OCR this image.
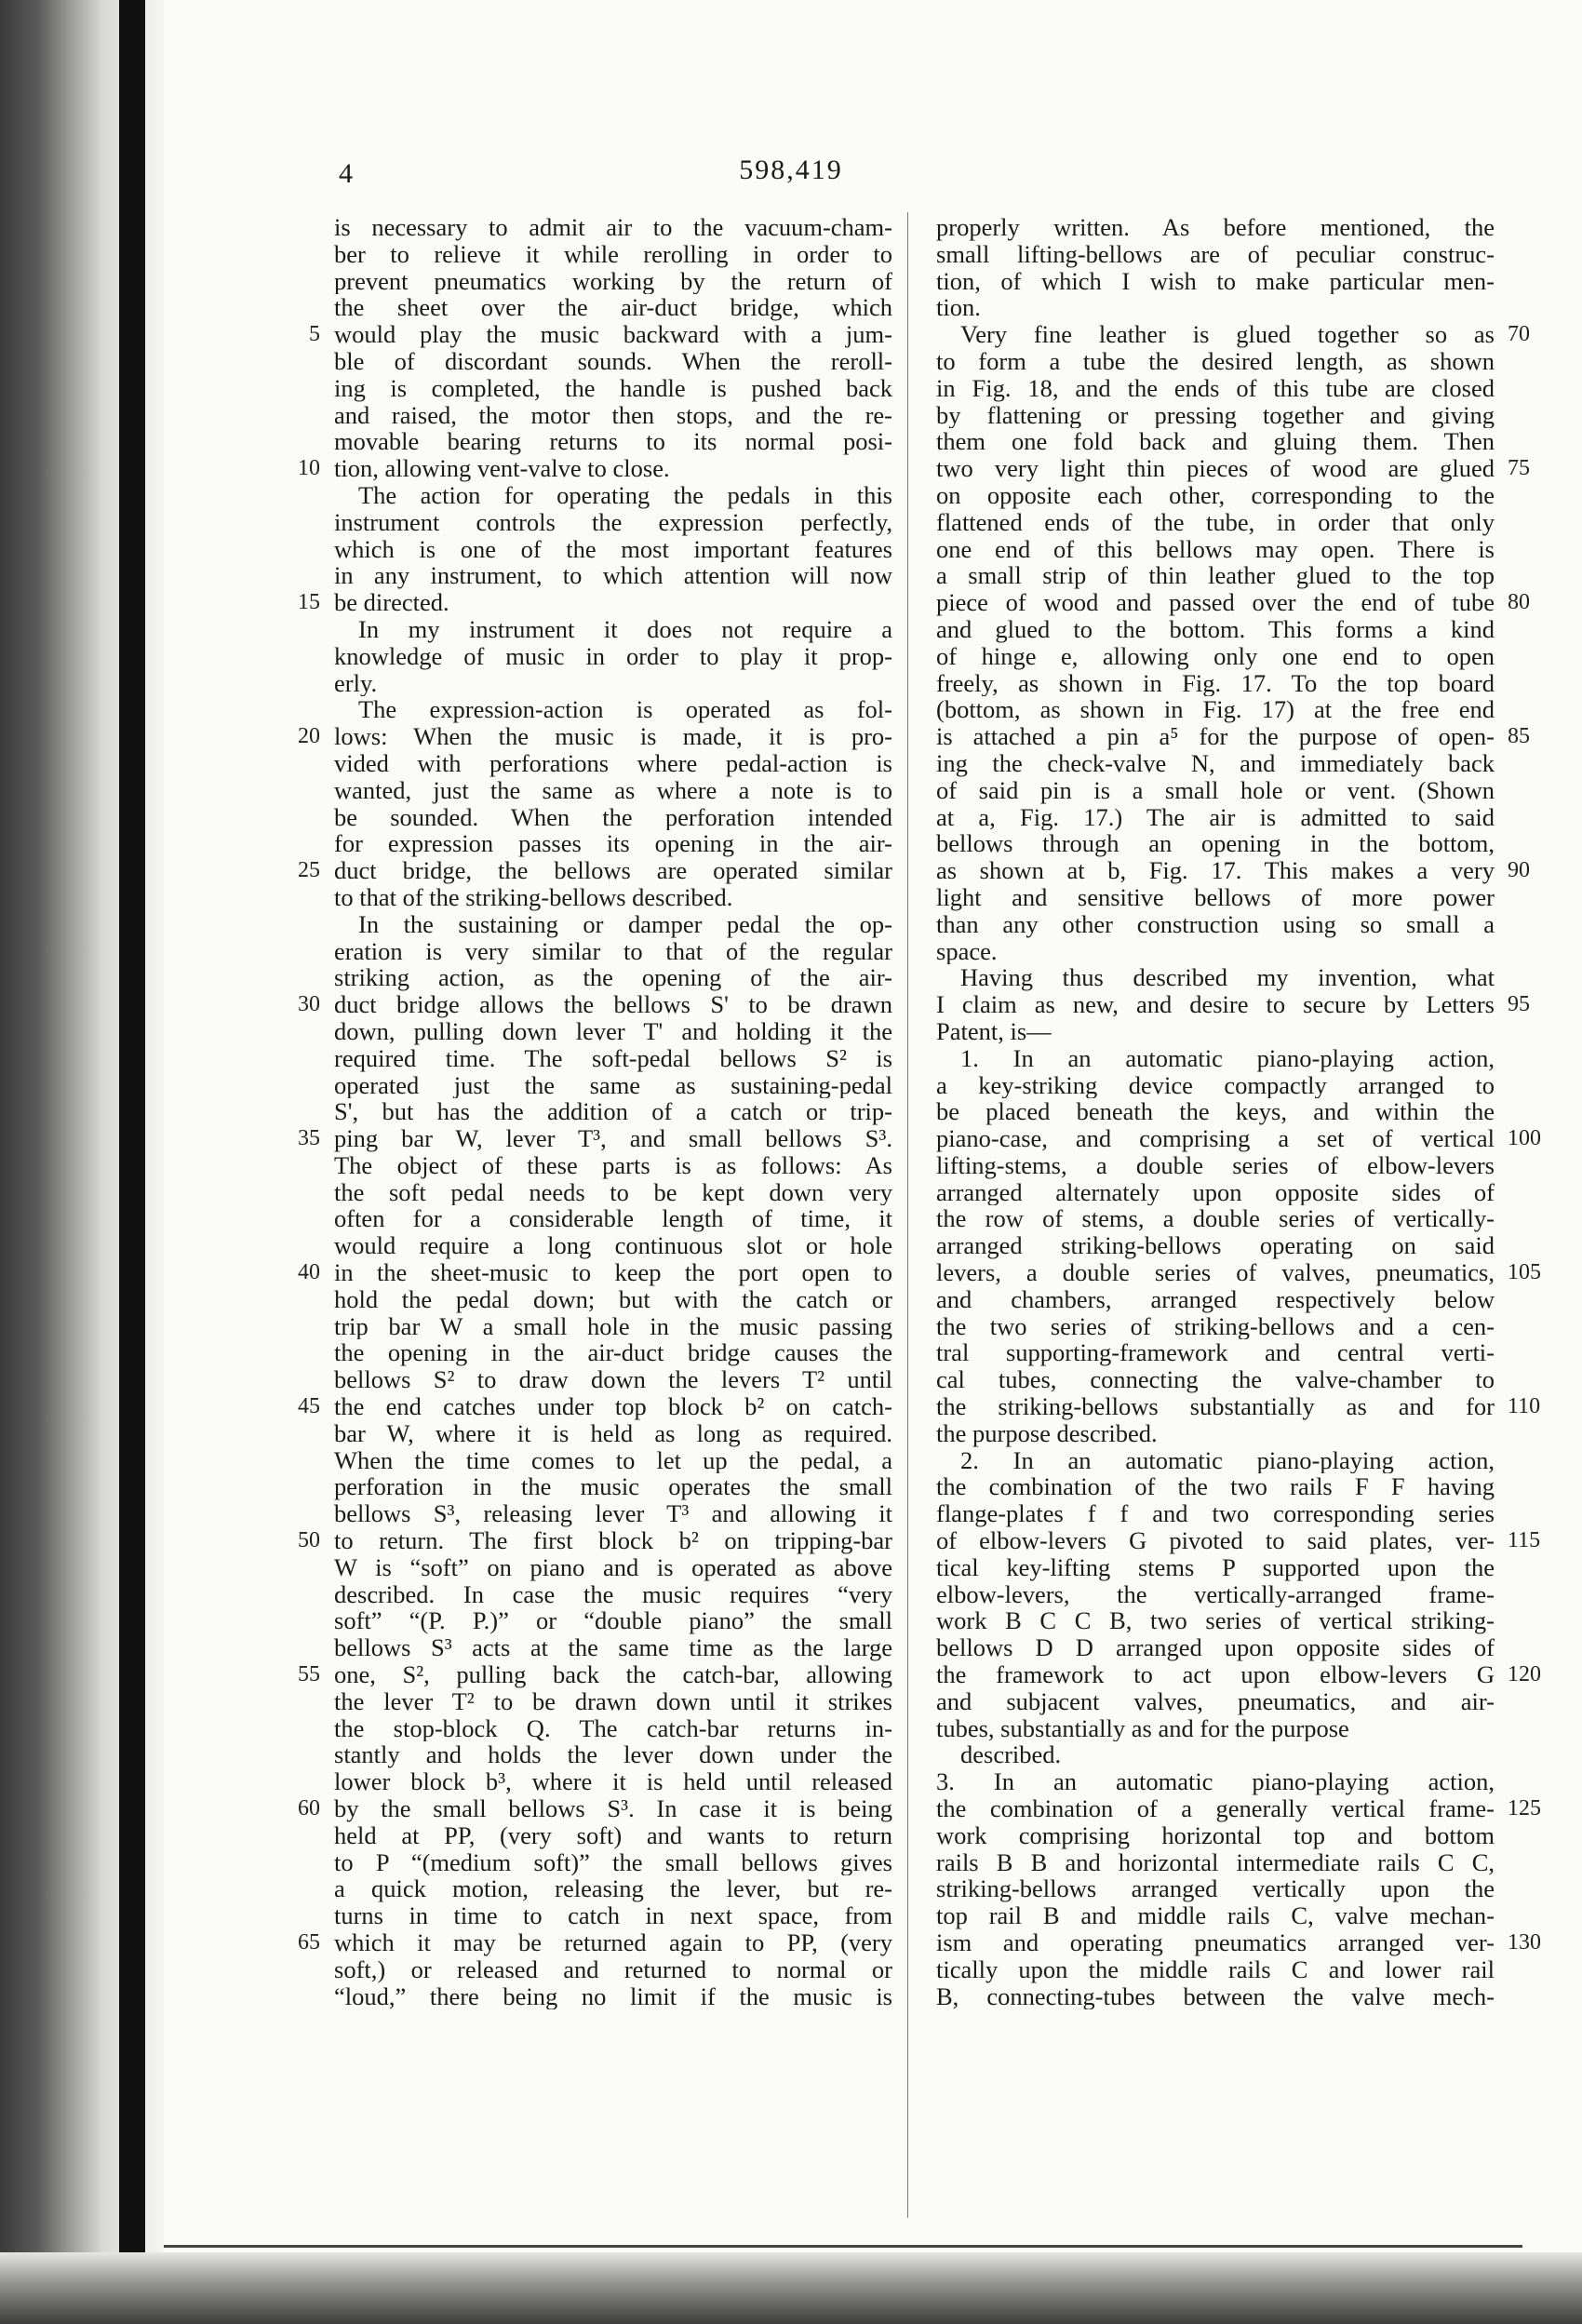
4	598,419
is necessary to admit air to the vacuum-cham-
ber to relieve it while rerolling in order to
prevent pneumatics working by the return of
the sheet over the air-duct bridge, which
would play the music backward with a jum-
ble of discordant sounds. When the reroll-
ing is completed, the handle is pushed back
and raised, the motor then stops, and the re-
movable bearing returns to its normal posi-
tion, allowing vent-valve to close.
The action for operating the pedals in this
instrument controls the expression perfectly,
which is one of the most important features
in any instrument, to which attention will now
be directed.
In my instrument it does not require a
knowledge of music in order to play it prop-
erly.
The expression-action is operated as fol-
lows: When the music is made, it is pro-
vided with perforations where pedal-action is
wanted, just the same as where a note is to
be sounded. When the perforation intended
for expression passes its opening in the air-
duct bridge, the bellows are operated similar
to that of the striking-bellows described.
In the sustaining or damper pedal the op-
eration is very similar to that of the regular
striking action, as the opening of the air-
duct bridge allows the bellows S' to be drawn
down, pulling down lever T' and holding it the
required time. The soft-pedal bellows S² is
operated just the same as sustaining-pedal
S', but has the addition of a catch or trip-
ping bar W, lever T³, and small bellows S³.
The object of these parts is as follows: As
the soft pedal needs to be kept down very
often for a considerable length of time, it
would require a long continuous slot or hole
in the sheet-music to keep the port open to
hold the pedal down; but with the catch or
trip bar W a small hole in the music passing
the opening in the air-duct bridge causes the
bellows S² to draw down the levers T² until
the end catches under top block b² on catch-
bar W, where it is held as long as required.
When the time comes to let up the pedal, a
perforation in the music operates the small
bellows S³, releasing lever T³ and allowing it
to return. The first block b² on tripping-bar
W is “soft” on piano and is operated as above
described. In case the music requires “very
soft” “(P. P.)” or “double piano” the small
bellows S³ acts at the same time as the large
one, S², pulling back the catch-bar, allowing
the lever T² to be drawn down until it strikes
the stop-block Q. The catch-bar returns in-
stantly and holds the lever down under the
lower block b³, where it is held until released
by the small bellows S³. In case it is being
held at PP, (very soft) and wants to return
to P “(medium soft)” the small bellows gives
a quick motion, releasing the lever, but re-
turns in time to catch in next space, from
which it may be returned again to PP, (very
soft,) or released and returned to normal or
“loud,” there being no limit if the music is
properly written. As before mentioned, the
small lifting-bellows are of peculiar construc-
tion, of which I wish to make particular men-
tion.
Very fine leather is glued together so as
to form a tube the desired length, as shown
in Fig. 18, and the ends of this tube are closed
by flattening or pressing together and giving
them one fold back and gluing them. Then
two very light thin pieces of wood are glued
on opposite each other, corresponding to the
flattened ends of the tube, in order that only
one end of this bellows may open. There is
a small strip of thin leather glued to the top
piece of wood and passed over the end of tube
and glued to the bottom. This forms a kind
of hinge e, allowing only one end to open
freely, as shown in Fig. 17. To the top board
(bottom, as shown in Fig. 17) at the free end
is attached a pin a⁵ for the purpose of open-
ing the check-valve N, and immediately back
of said pin is a small hole or vent. (Shown
at a, Fig. 17.) The air is admitted to said
bellows through an opening in the bottom,
as shown at b, Fig. 17. This makes a very
light and sensitive bellows of more power
than any other construction using so small a
space.
Having thus described my invention, what
I claim as new, and desire to secure by Letters
Patent, is—
1. In an automatic piano-playing action,
a key-striking device compactly arranged to
be placed beneath the keys, and within the
piano-case, and comprising a set of vertical
lifting-stems, a double series of elbow-levers
arranged alternately upon opposite sides of
the row of stems, a double series of vertically-
arranged striking-bellows operating on said
levers, a double series of valves, pneumatics,
and chambers, arranged respectively below
the two series of striking-bellows and a cen-
tral supporting-framework and central verti-
cal tubes, connecting the valve-chamber to
the striking-bellows substantially as and for
the purpose described.
2. In an automatic piano-playing action,
the combination of the two rails F F having
flange-plates f f and two corresponding series
of elbow-levers G pivoted to said plates, ver-
tical key-lifting stems P supported upon the
elbow-levers, the vertically-arranged frame-
work B C C B, two series of vertical striking-
bellows D D arranged upon opposite sides of
the framework to act upon elbow-levers G
and subjacent valves, pneumatics, and air-
tubes, substantially as and for the purpose
described.
3. In an automatic piano-playing action,
the combination of a generally vertical frame-
work comprising horizontal top and bottom
rails B B and horizontal intermediate rails C C,
striking-bellows arranged vertically upon the
top rail B and middle rails C, valve mechan-
ism and operating pneumatics arranged ver-
tically upon the middle rails C and lower rail
B, connecting-tubes between the valve mech-
5
10
15
20
25
30
35
40
45
50
55
60
65
70
75
80
85
90
95
100
105
110
115
120
125
130
